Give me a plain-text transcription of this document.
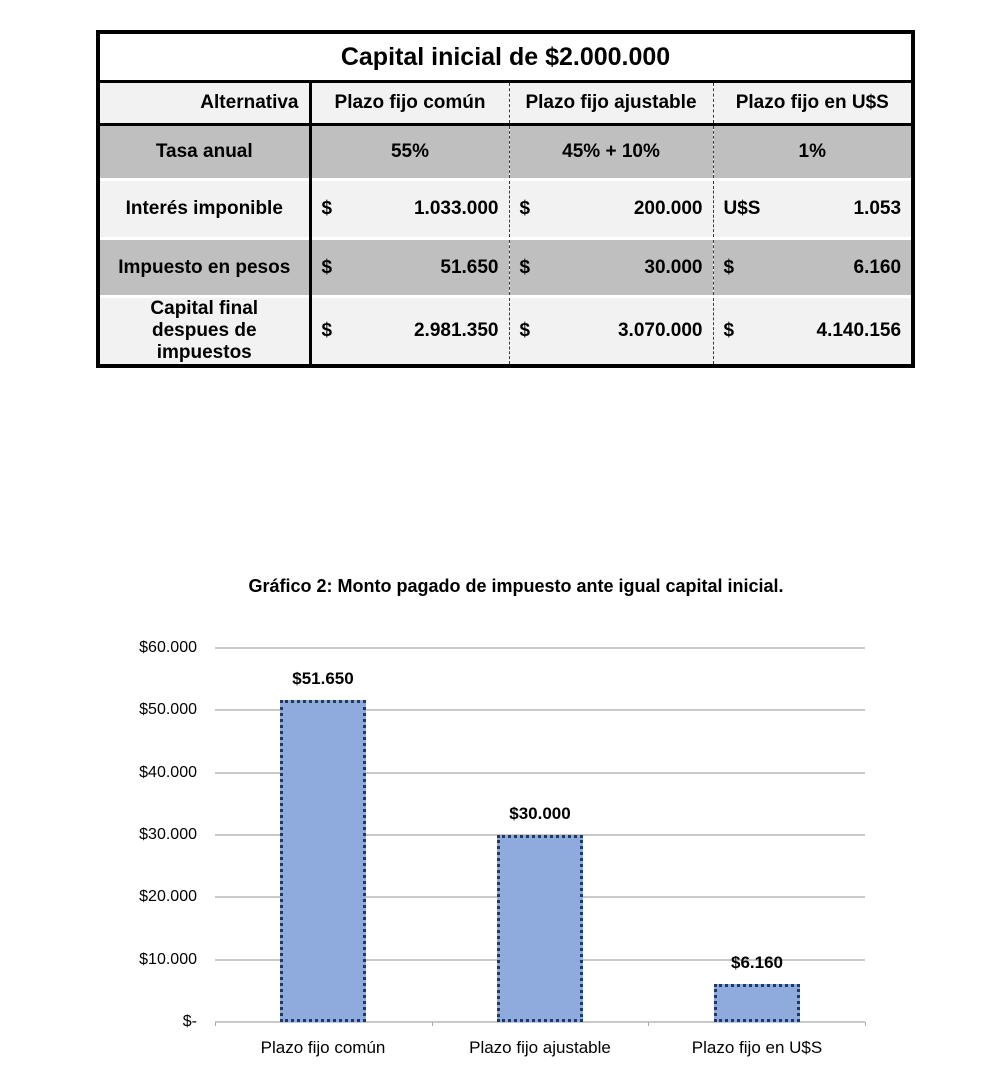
Capital inicial de $2.000.000			
Alternativa	Plazo fijo común	Plazo fijo ajustable	Plazo fijo en U$S
Tasa anual	55%	45% + 10%	1%
Interés imponible	$ 1.033.000	$ 200.000	U$S 1.053

Impuesto en pesos	$ 51.650	$ 30.000	$ 6.160

Capital final despues de impuestos	$ 2.981.350	$ 3.070.000	$ 4.140.156
Gráfico 2: Monto pagado de impuesto ante igual capital inicial.
$60.000
$50.000
$40.000
$30.000
$20.000
$10.000
$-
$51.650
$30.000
$6.160
Plazo fijo común	Plazo fijo ajustable	Plazo fijo en U$S
